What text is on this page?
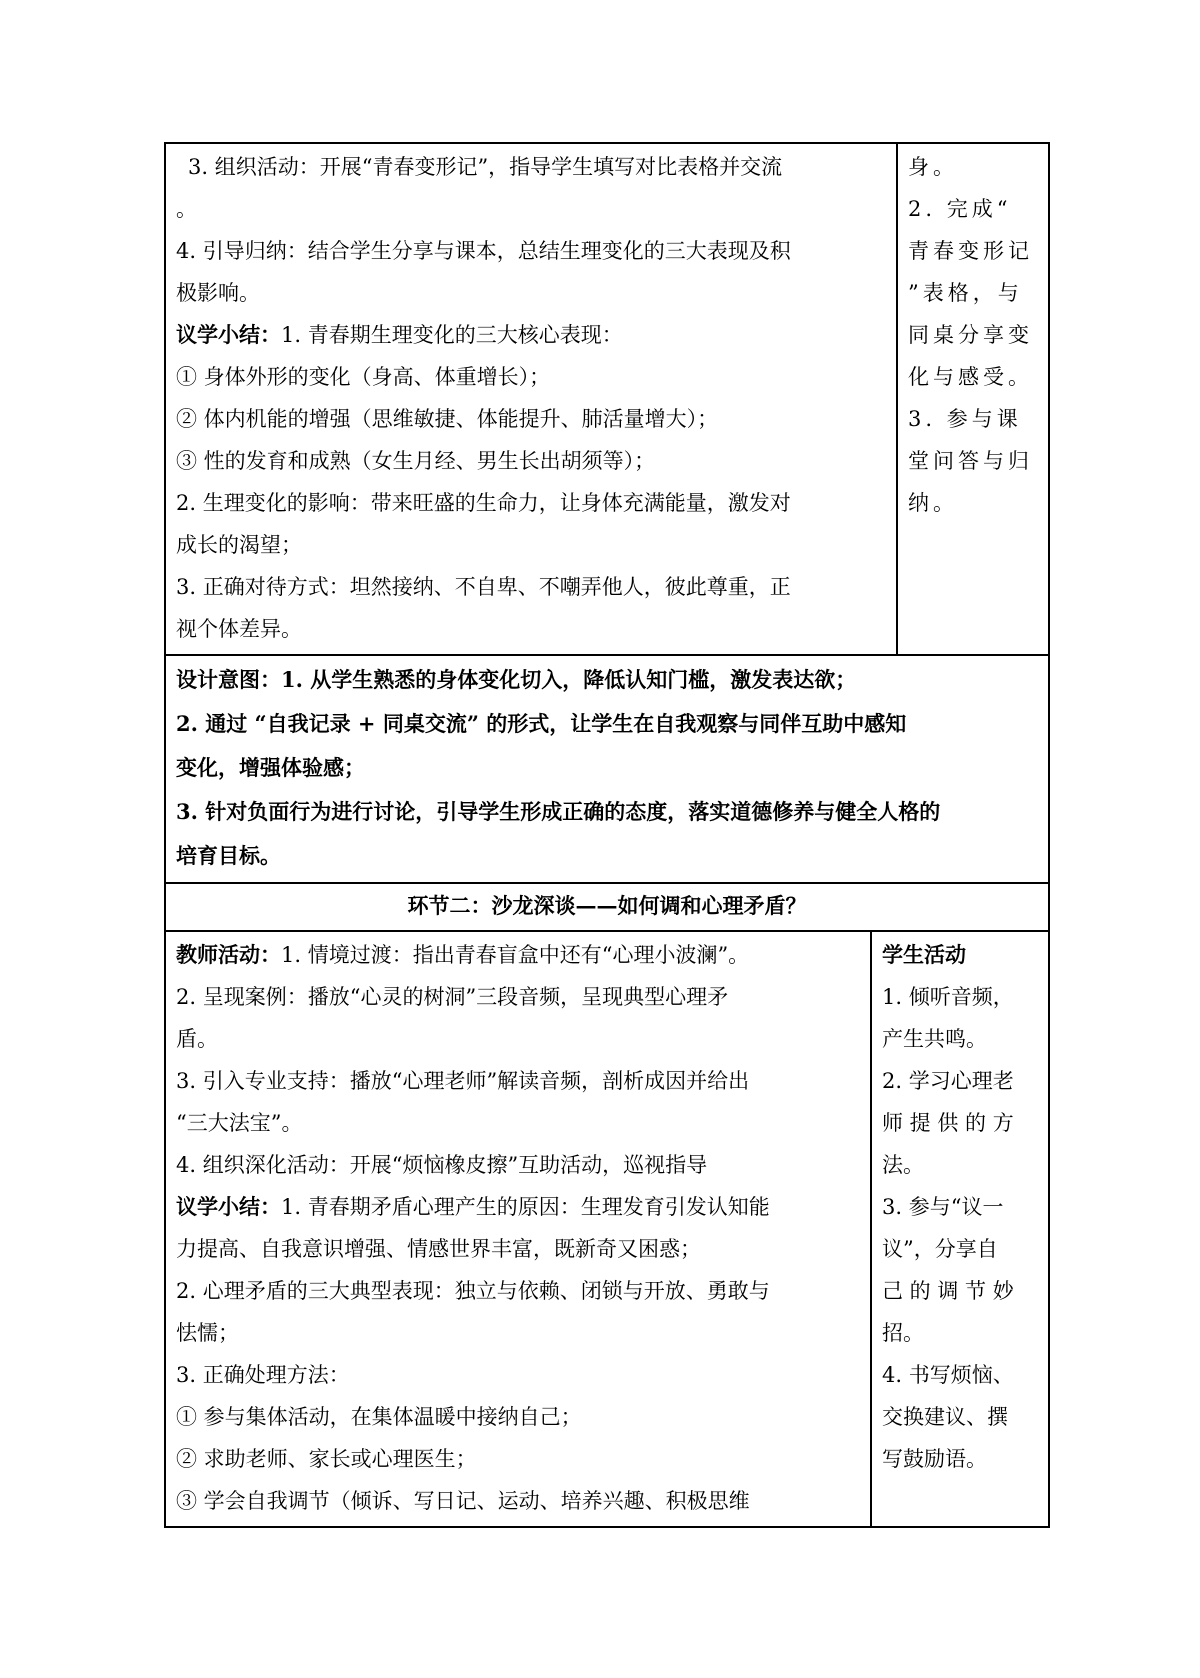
3. 组织活动：开展“青春变形记”，指导学生填写对比表格并交流

。

4. 引导归纳：结合学生分享与课本，总结生理变化的三大表现及积

极影响。

议学小结：1. 青春期生理变化的三大核心表现：

① 身体外形的变化（身高、体重增长）；

② 体内机能的增强（思维敏捷、体能提升、肺活量增大）；

③ 性的发育和成熟（女生月经、男生长出胡须等）；

2. 生理变化的影响：带来旺盛的生命力，让身体充满能量，激发对

成长的渴望；

3. 正确对待方式：坦然接纳、不自卑、不嘲弄他人，彼此尊重，正

视个体差异。

身。

2. 完成“

青春变形记

”表格，与

同桌分享变

化与感受。

3. 参与课

堂问答与归

纳。

设计意图：1. 从学生熟悉的身体变化切入，降低认知门槛，激发表达欲；

2. 通过 “自我记录 + 同桌交流” 的形式，让学生在自我观察与同伴互助中感知

变化，增强体验感；

3. 针对负面行为进行讨论，引导学生形成正确的态度，落实道德修养与健全人格的

培育目标。

环节二：沙龙深谈——如何调和心理矛盾？

教师活动：1. 情境过渡：指出青春盲盒中还有“心理小波澜”。

2. 呈现案例：播放“心灵的树洞”三段音频，呈现典型心理矛

盾。

3. 引入专业支持：播放“心理老师”解读音频，剖析成因并给出

“三大法宝”。

4. 组织深化活动：开展“烦恼橡皮擦”互助活动，巡视指导

议学小结：1. 青春期矛盾心理产生的原因：生理发育引发认知能

力提高、自我意识增强、情感世界丰富，既新奇又困惑；

2. 心理矛盾的三大典型表现：独立与依赖、闭锁与开放、勇敢与

怯懦；

3. 正确处理方法：

① 参与集体活动，在集体温暖中接纳自己；

② 求助老师、家长或心理医生；

③ 学会自我调节（倾诉、写日记、运动、培养兴趣、积极思维

学生活动

1. 倾听音频，

产生共鸣。

2. 学习心理老

师 提 供 的 方

法。

3. 参与“议一

议”，分享自

己 的 调 节 妙

招。

4. 书写烦恼、

交换建议、撰

写鼓励语。
